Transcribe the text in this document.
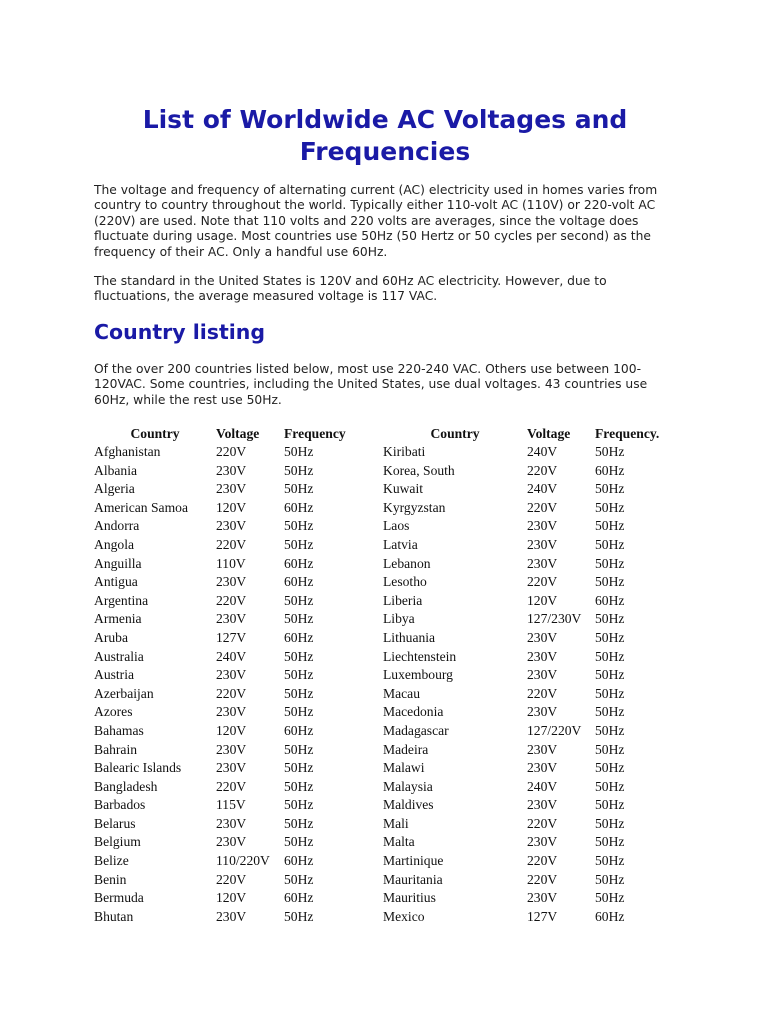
List of Worldwide AC Voltages and Frequencies

The voltage and frequency of alternating current (AC) electricity used in homes varies from country to country throughout the world. Typically either 110-volt AC (110V) or 220-volt AC (220V) are used. Note that 110 volts and 220 volts are averages, since the voltage does fluctuate during usage. Most countries use 50Hz (50 Hertz or 50 cycles per second) as the frequency of their AC. Only a handful use 60Hz.

The standard in the United States is 120V and 60Hz AC electricity. However, due to fluctuations, the average measured voltage is 117 VAC.

Country listing

Of the over 200 countries listed below, most use 220-240 VAC. Others use between 100-120VAC. Some countries, including the United States, use dual voltages. 43 countries use 60Hz, while the rest use 50Hz.

Country	Voltage	Frequency
Afghanistan	220V	50Hz
Albania	230V	50Hz
Algeria	230V	50Hz
American Samoa	120V	60Hz
Andorra	230V	50Hz
Angola	220V	50Hz
Anguilla	110V	60Hz
Antigua	230V	60Hz
Argentina	220V	50Hz
Armenia	230V	50Hz
Aruba	127V	60Hz
Australia	240V	50Hz
Austria	230V	50Hz
Azerbaijan	220V	50Hz
Azores	230V	50Hz
Bahamas	120V	60Hz
Bahrain	230V	50Hz
Balearic Islands	230V	50Hz
Bangladesh	220V	50Hz
Barbados	115V	50Hz
Belarus	230V	50Hz
Belgium	230V	50Hz
Belize	110/220V	60Hz
Benin	220V	50Hz
Bermuda	120V	60Hz
Bhutan	230V	50Hz
Country	Voltage	Frequency.
Kiribati	240V	50Hz
Korea, South	220V	60Hz
Kuwait	240V	50Hz
Kyrgyzstan	220V	50Hz
Laos	230V	50Hz
Latvia	230V	50Hz
Lebanon	230V	50Hz
Lesotho	220V	50Hz
Liberia	120V	60Hz
Libya	127/230V	50Hz
Lithuania	230V	50Hz
Liechtenstein	230V	50Hz
Luxembourg	230V	50Hz
Macau	220V	50Hz
Macedonia	230V	50Hz
Madagascar	127/220V	50Hz
Madeira	230V	50Hz
Malawi	230V	50Hz
Malaysia	240V	50Hz
Maldives	230V	50Hz
Mali	220V	50Hz
Malta	230V	50Hz
Martinique	220V	50Hz
Mauritania	220V	50Hz
Mauritius	230V	50Hz
Mexico	127V	60Hz
